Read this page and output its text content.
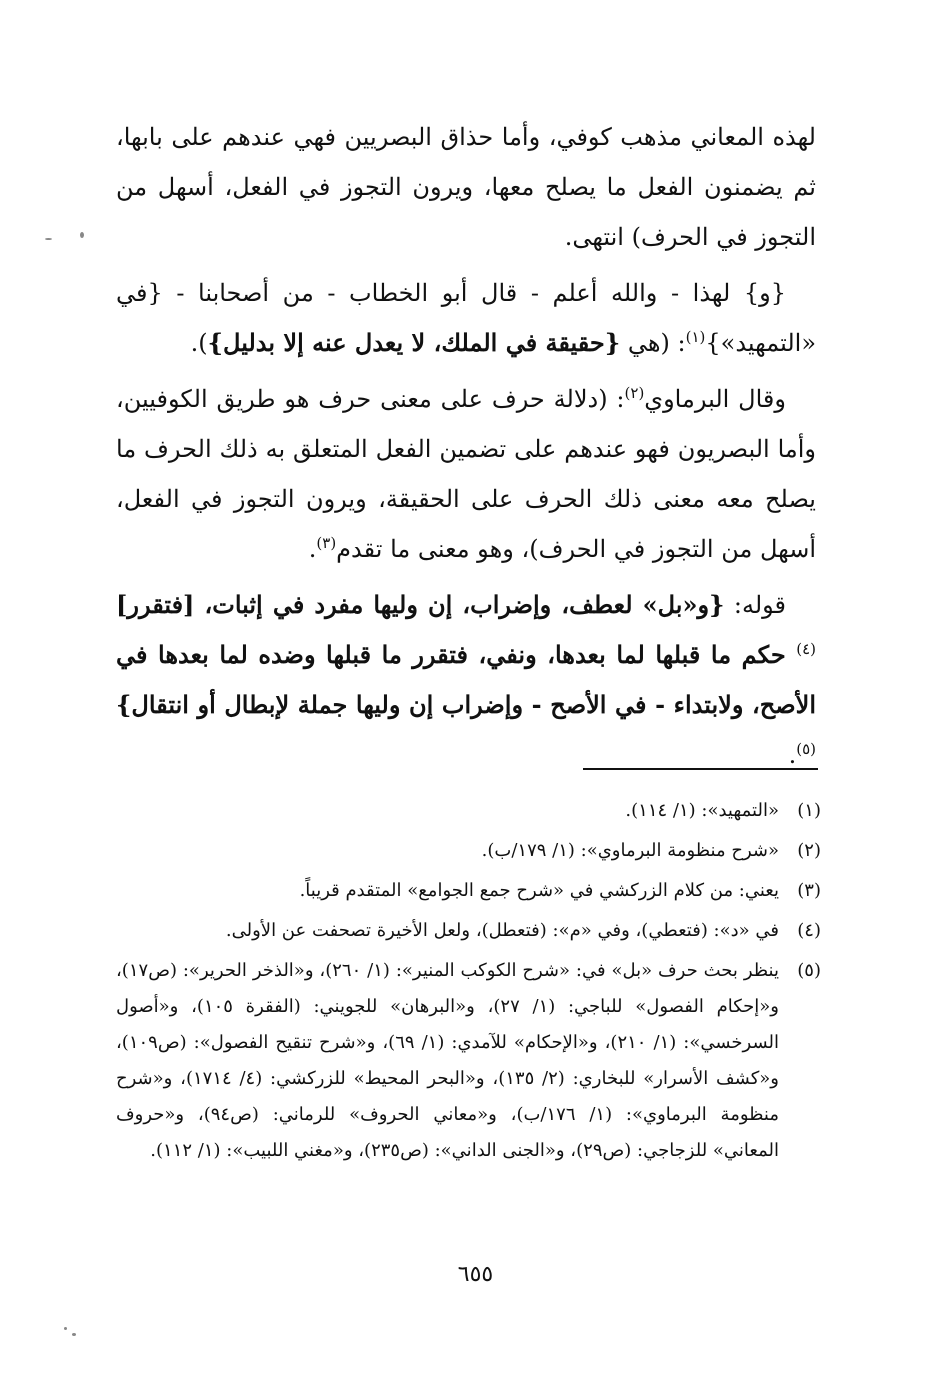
لهذه المعاني مذهب كوفي، وأما حذاق البصريين فهي عندهم على بابها، ثم يضمنون الفعل ما يصلح معها، ويرون التجوز في الفعل، أسهل من التجوز في الحرف) انتهى.

{و} لهذا - والله أعلم - قال أبو الخطاب - من أصحابنا - {في «التمهيد»}$^{(١)}$: (هي {حقيقة في الملك، لا يعدل عنه إلا بدليل}).

وقال البرماوي$^{(٢)}$: (دلالة حرف على معنى حرف هو طريق الكوفيين، وأما البصريون فهو عندهم على تضمين الفعل المتعلق به ذلك الحرف ما يصلح معه معنى ذلك الحرف على الحقيقة، ويرون التجوز في الفعل، أسهل من التجوز في الحرف)، وهو معنى ما تقدم$^{(٣)}$.

قوله: {و«بل» لعطف، وإضراب، إن وليها مفرد في إثبات، [فتقرر]$^{(٤)}$ حكم ما قبلها لما بعدها، ونفي، فتقرر ما قبلها وضده لما بعدها في الأصح، ولابتداء - في الأصح - وإضراب إن وليها جملة لإبطال أو انتقال}$^{(٥)}$.

(١)
«التمهيد»: (١/ ١١٤).
(٢)
«شرح منظومة البرماوي»: (١/ ١٧٩/ب).
(٣)
يعني: من كلام الزركشي في «شرح جمع الجوامع» المتقدم قريباً.
(٤)
في «د»: (فتعطي)، وفي «م»: (فتعطل)، ولعل الأخيرة تصحفت عن الأولى.
(٥)
ينظر بحث حرف «بل» في: «شرح الكوكب المنير»: (١/ ٢٦٠)، و«الذخر الحرير»: (ص١٧)، و«إحكام الفصول» للباجي: (١/ ٢٧)، و«البرهان» للجويني: (الفقرة ١٠٥)، و«أصول السرخسي»: (١/ ٢١٠)، و«الإحكام» للآمدي: (١/ ٦٩)، و«شرح تنقيح الفصول»: (ص١٠٩)، و«كشف الأسرار» للبخاري: (٢/ ١٣٥)، و«البحر المحيط» للزركشي: (٤/ ١٧١٤)، و«شرح منظومة البرماوي»: (١/ ١٧٦/ب)، و«معاني الحروف» للرماني: (ص٩٤)، و«حروف المعاني» للزجاجي: (ص٢٩)، و«الجنى الداني»: (ص٢٣٥)، و«مغني اللبيب»: (١/ ١١٢).
٦٥٥
